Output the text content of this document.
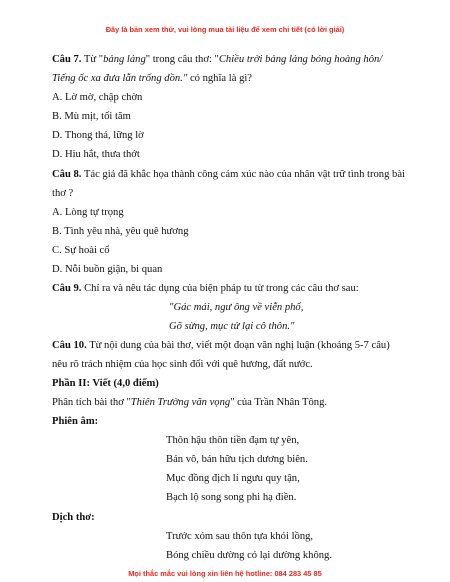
Đây là bản xem thử, vui lòng mua tài liệu để xem chi tiết (có lời giải)
Câu 7. Từ "bảng lảng" trong câu thơ: "Chiều trời bảng lảng bóng hoàng hôn/
Tiếng ốc xa đưa lẫn trống dồn." có nghĩa là gì?
A. Lờ mờ, chập chờn
B. Mù mịt, tối tăm
D. Thong thả, lững lờ
D. Hiu hắt, thưa thớt
Câu 8. Tác giả đã khắc họa thành công cảm xúc nào của nhân vật trữ tình trong bài
thơ ?
A. Lòng tự trọng
B. Tình yêu nhà, yêu quê hương
C. Sự hoài cổ
D. Nỗi buồn giận, bi quan
Câu 9. Chỉ ra và nêu tác dụng của biện pháp tu từ trong các câu thơ sau:
"Gác mái, ngư ông về viễn phố,
Gõ sừng, mục tử lại cô thôn."
Câu 10. Từ nội dung của bài thơ, viết một đoạn văn nghị luận (khoảng 5-7 câu)
nêu rõ trách nhiệm của học sinh đối với quê hương, đất nước.
Phần II: Viết (4,0 điểm)
Phân tích bài thơ "Thiên Trường vãn vọng" của Trần Nhân Tông.
Phiên âm:
Thôn hậu thôn tiền đạm tự yên,
Bán vô, bán hữu tịch dương biên.
Mục đồng địch lí ngưu quy tận,
Bạch lộ song song phi hạ điền.
Dịch thơ:
Trước xóm sau thôn tựa khói lồng,
Bóng chiều dường có lại dường không.
Mọi thắc mắc vui lòng xin liên hệ hotline: 084 283 45 85
